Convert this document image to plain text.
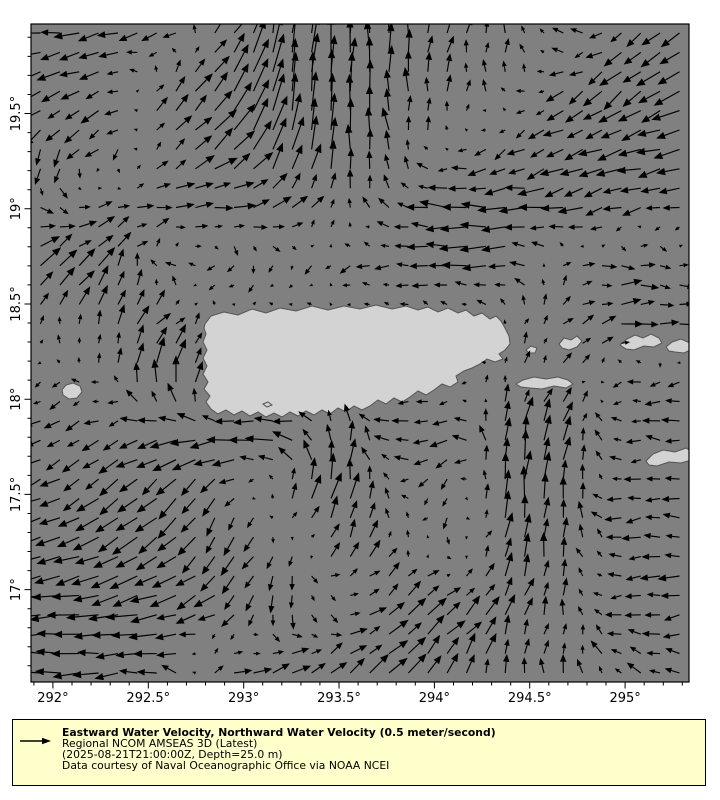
292°	292.5°	293°	293.5°	294°	294.5°	295°
19.5°
19°
18.5°
18°
17.5°
17°
Eastward Water Velocity, Northward Water Velocity (0.5 meter/second)
Regional NCOM AMSEAS 3D (Latest)
(2025-08-21T21:00:00Z, Depth=25.0 m)
Data courtesy of Naval Oceanographic Office via NOAA NCEI
